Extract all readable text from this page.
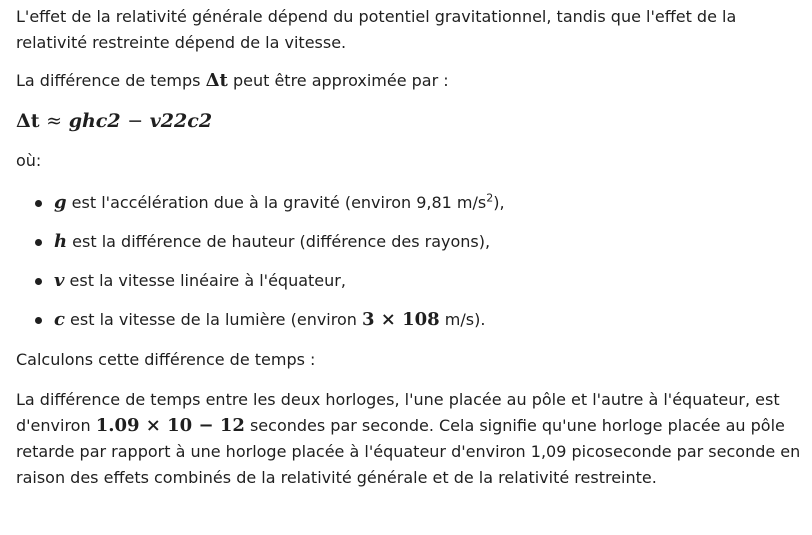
L'effet de la relativité générale dépend du potentiel gravitationnel, tandis que l'effet de la relativité restreinte dépend de la vitesse.

La différence de temps Δt peut être approximée par :

Δt ≈ ghc2 − v22c2

où:

g est l'accélération due à la gravité (environ 9,81 $m/s^2$),
h est la différence de hauteur (différence des rayons),
v est la vitesse linéaire à l'équateur,
c est la vitesse de la lumière (environ 3 × 108 m/s).

Calculons cette différence de temps :

La différence de temps entre les deux horloges, l'une placée au pôle et l'autre à l'équateur, est d'environ 1.09 × 10 − 12 secondes par seconde. Cela signifie qu'une horloge placée au pôle retarde par rapport à une horloge placée à l'équateur d'environ 1,09 picoseconde par seconde en raison des effets combinés de la relativité générale et de la relativité restreinte.
